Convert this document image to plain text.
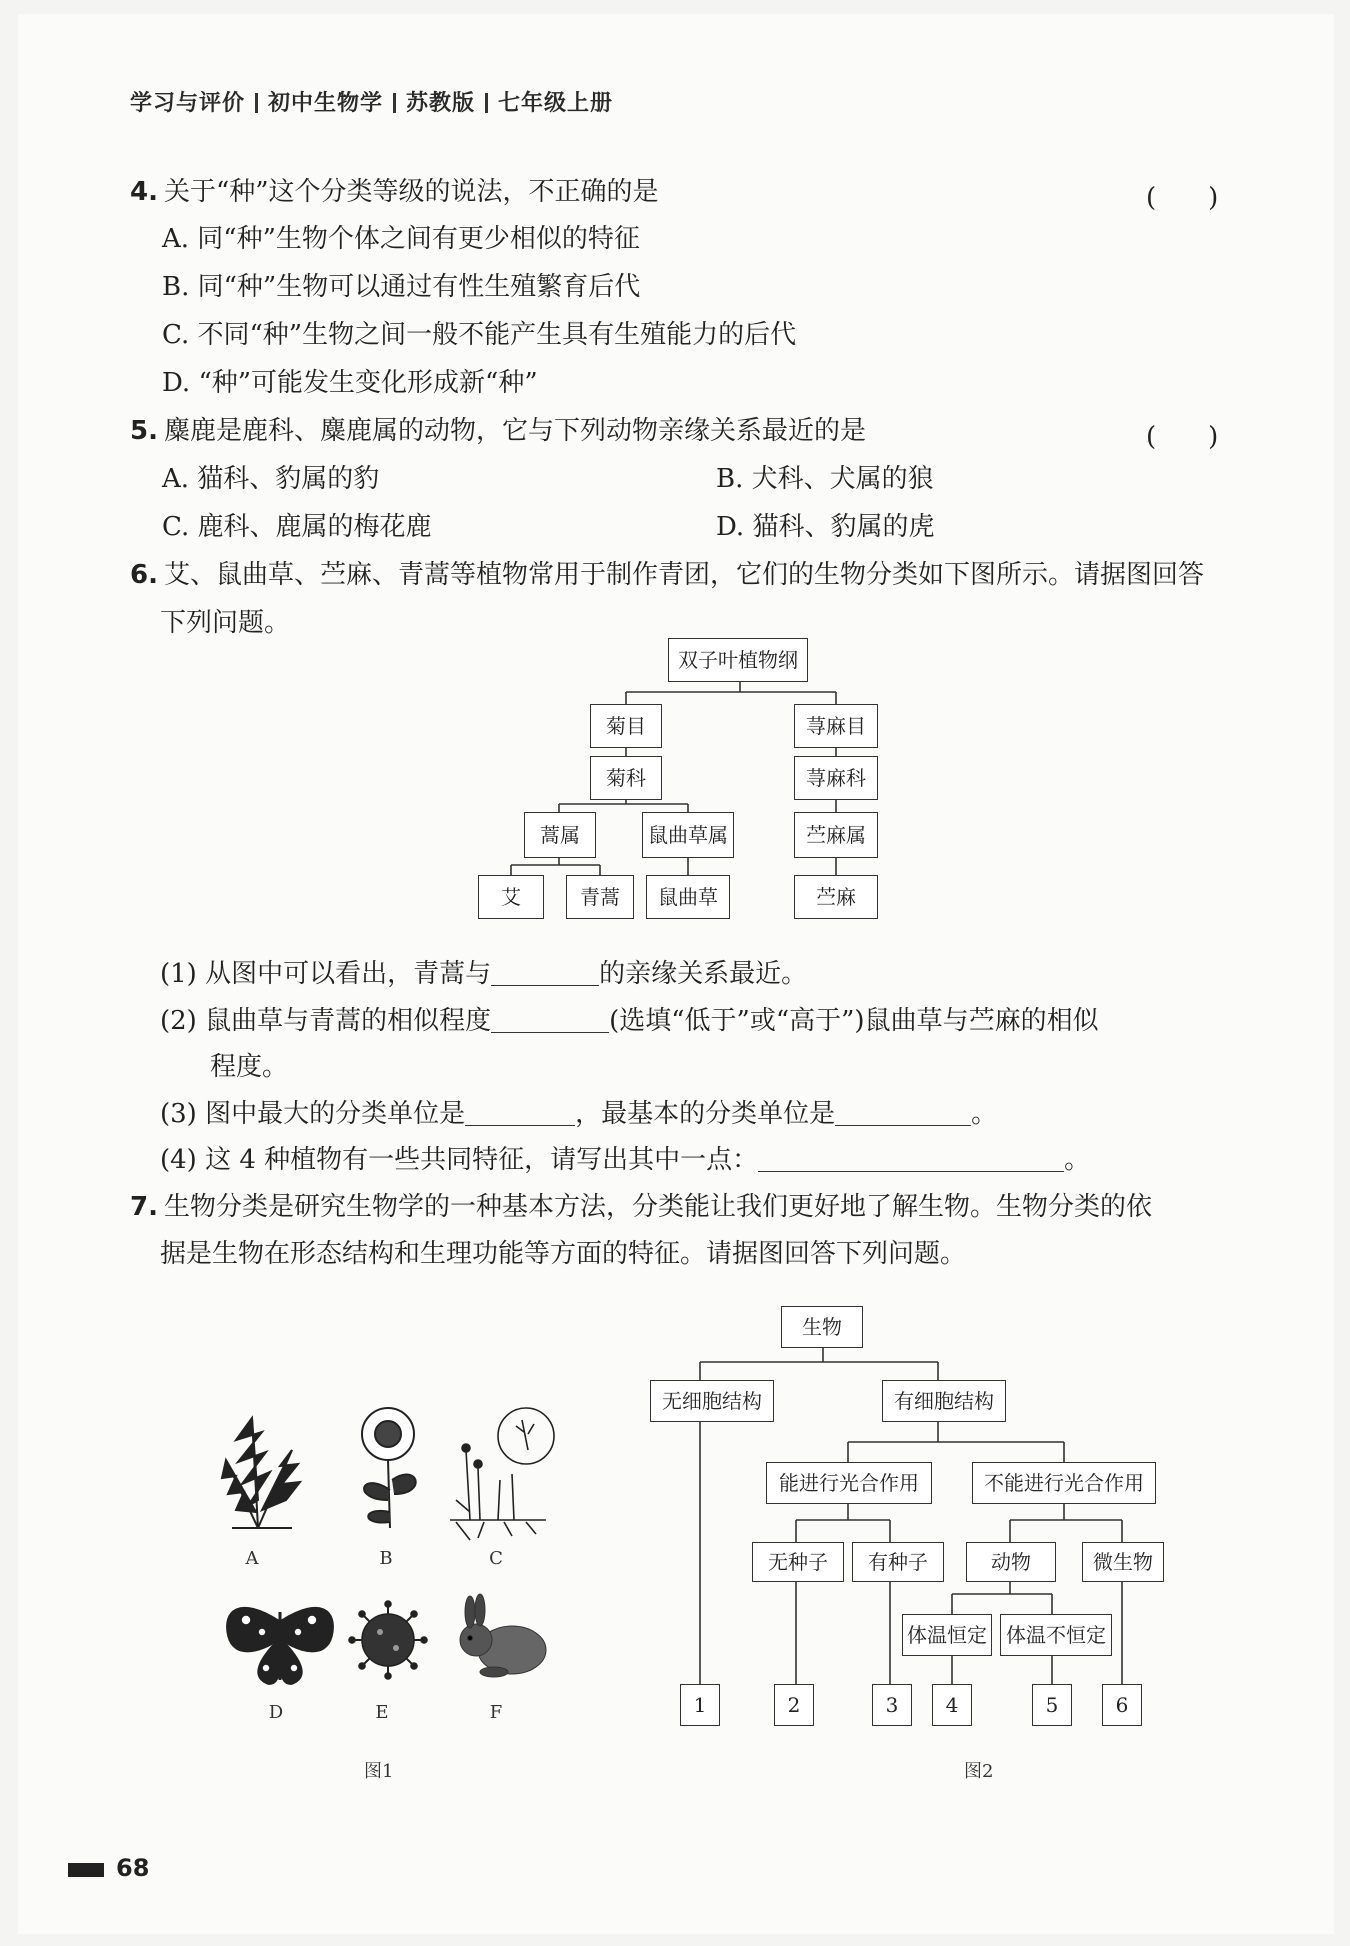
学习与评价 初中生物学 苏教版 七年级上册
4. 关于“种”这个分类等级的说法，不正确的是	(　　)
A. 同“种”生物个体之间有更少相似的特征
B. 同“种”生物可以通过有性生殖繁育后代
C. 不同“种”生物之间一般不能产生具有生殖能力的后代
D. “种”可能发生变化形成新“种”
5. 麋鹿是鹿科、麋鹿属的动物，它与下列动物亲缘关系最近的是	(　　)
A. 猫科、豹属的豹	B. 犬科、犬属的狼
C. 鹿科、鹿属的梅花鹿	D. 猫科、豹属的虎
6. 艾、鼠曲草、苎麻、青蒿等植物常用于制作青团，它们的生物分类如下图所示。请据图回答
下列问题。
双子叶植物纲
菊目	荨麻目
菊科	荨麻科
蒿属	鼠曲草属	苎麻属
艾	青蒿	鼠曲草	苎麻
(1) 从图中可以看出，青蒿与	的亲缘关系最近。
(2) 鼠曲草与青蒿的相似程度	(选填“低于”或“高于”)鼠曲草与苎麻的相似
程度。
(3) 图中最大的分类单位是	，最基本的分类单位是	。
(4) 这 4 种植物有一些共同特征，请写出其中一点：	。
7. 生物分类是研究生物学的一种基本方法，分类能让我们更好地了解生物。生物分类的依
据是生物在形态结构和生理功能等方面的特征。请据图回答下列问题。
A	B	C
D	E	F
图1
生物
无细胞结构	有细胞结构
能进行光合作用	不能进行光合作用
无种子	有种子	动物	微生物
体温恒定 体温不恒定
1	2	3	4	5	6
图2
68
